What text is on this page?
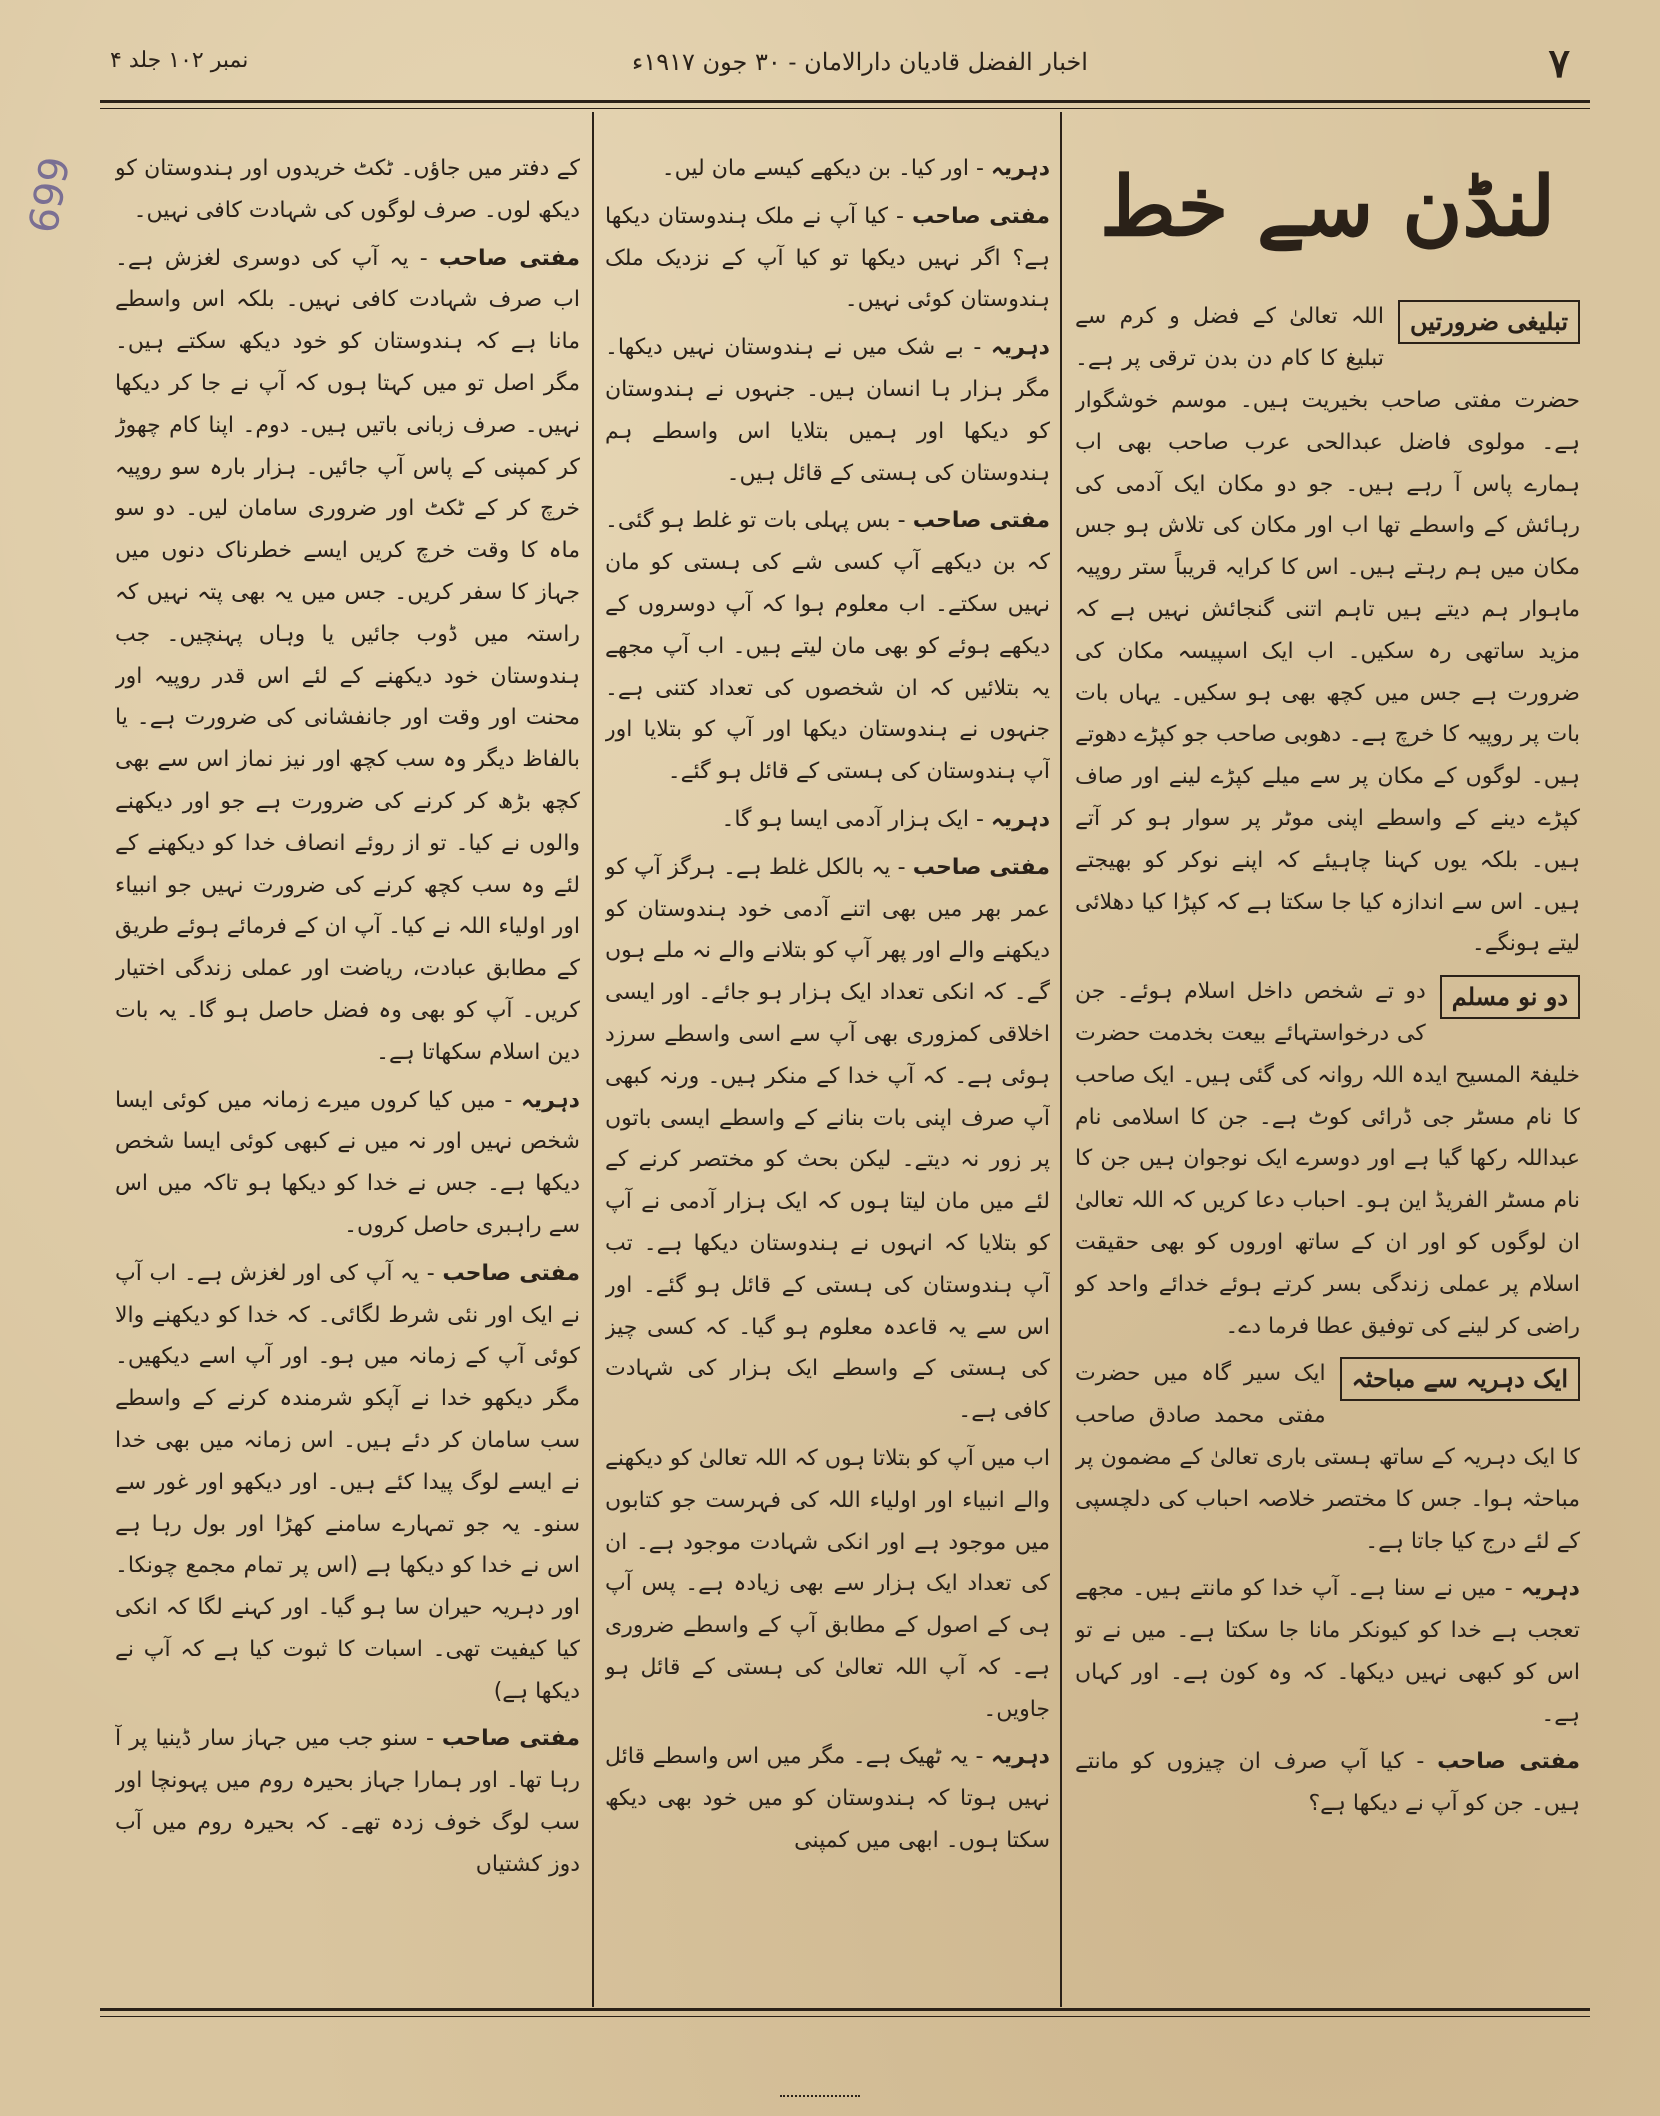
۷
اخبار الفضل قادیان دارالامان - ۳۰ جون ۱۹۱۷ء
نمبر ۱۰۲ جلد ۴
699	لنڈن سے خط

تبلیغی ضرورتیں
اللہ تعالیٰ کے فضل و کرم سے تبلیغ کا کام دن بدن ترقی پر ہے۔ حضرت مفتی صاحب بخیریت ہیں۔ موسم خوشگوار ہے۔ مولوی فاضل عبدالحی عرب صاحب بھی اب ہمارے پاس آ رہے ہیں۔ جو دو مکان ایک آدمی کی رہائش کے واسطے تھا اب اور مکان کی تلاش ہو جس مکان میں ہم رہتے ہیں۔ اس کا کرایہ قریباً ستر روپیہ ماہوار ہم دیتے ہیں تاہم اتنی گنجائش نہیں ہے کہ مزید ساتھی رہ سکیں۔ اب ایک اسپیسہ مکان کی ضرورت ہے جس میں کچھ بھی ہو سکیں۔ یہاں بات بات پر روپیہ کا خرچ ہے۔ دھوبی صاحب جو کپڑے دھوتے ہیں۔ لوگوں کے مکان پر سے میلے کپڑے لینے اور صاف کپڑے دینے کے واسطے اپنی موٹر پر سوار ہو کر آتے ہیں۔ بلکہ یوں کہنا چاہیئے کہ اپنے نوکر کو بھیجتے ہیں۔ اس سے اندازہ کیا جا سکتا ہے کہ کپڑا کیا دھلائی لیتے ہونگے۔

دو نو مسلم
دو تے شخص داخل اسلام ہوئے۔ جن کی درخواستہائے بیعت بخدمت حضرت خلیفۃ المسیح ایدہ اللہ روانہ کی گئی ہیں۔ ایک صاحب کا نام مسٹر جی ڈرائی کوٹ ہے۔ جن کا اسلامی نام عبداللہ رکھا گیا ہے اور دوسرے ایک نوجوان ہیں جن کا نام مسٹر الفریڈ این ہو۔ احباب دعا کریں کہ اللہ تعالیٰ ان لوگوں کو اور ان کے ساتھ اوروں کو بھی حقیقت اسلام پر عملی زندگی بسر کرتے ہوئے خدائے واحد کو راضی کر لینے کی توفیق عطا فرما دے۔

ایک دہریہ سے مباحثہ
ایک سیر گاہ میں حضرت مفتی محمد صادق صاحب کا ایک دہریہ کے ساتھ ہستی باری تعالیٰ کے مضمون پر مباحثہ ہوا۔ جس کا مختصر خلاصہ احباب کی دلچسپی کے لئے درج کیا جاتا ہے۔

دہریہ - میں نے سنا ہے۔ آپ خدا کو مانتے ہیں۔ مجھے تعجب ہے خدا کو کیونکر مانا جا سکتا ہے۔ میں نے تو اس کو کبھی نہیں دیکھا۔ کہ وہ کون ہے۔ اور کہاں ہے۔

مفتی صاحب - کیا آپ صرف ان چیزوں کو مانتے ہیں۔ جن کو آپ نے دیکھا ہے؟

دہریہ - اور کیا۔ بن دیکھے کیسے مان لیں۔

مفتی صاحب - کیا آپ نے ملک ہندوستان دیکھا ہے؟ اگر نہیں دیکھا تو کیا آپ کے نزدیک ملک ہندوستان کوئی نہیں۔

دہریہ - بے شک میں نے ہندوستان نہیں دیکھا۔ مگر ہزار ہا انسان ہیں۔ جنہوں نے ہندوستان کو دیکھا اور ہمیں بتلایا اس واسطے ہم ہندوستان کی ہستی کے قائل ہیں۔

مفتی صاحب - بس پہلی بات تو غلط ہو گئی۔ کہ بن دیکھے آپ کسی شے کی ہستی کو مان نہیں سکتے۔ اب معلوم ہوا کہ آپ دوسروں کے دیکھے ہوئے کو بھی مان لیتے ہیں۔ اب آپ مجھے یہ بتلائیں کہ ان شخصوں کی تعداد کتنی ہے۔ جنہوں نے ہندوستان دیکھا اور آپ کو بتلایا اور آپ ہندوستان کی ہستی کے قائل ہو گئے۔

دہریہ - ایک ہزار آدمی ایسا ہو گا۔

مفتی صاحب - یہ بالکل غلط ہے۔ ہرگز آپ کو عمر بھر میں بھی اتنے آدمی خود ہندوستان کو دیکھنے والے اور پھر آپ کو بتلانے والے نہ ملے ہوں گے۔ کہ انکی تعداد ایک ہزار ہو جائے۔ اور ایسی اخلاقی کمزوری بھی آپ سے اسی واسطے سرزد ہوئی ہے۔ کہ آپ خدا کے منکر ہیں۔ ورنہ کبھی آپ صرف اپنی بات بنانے کے واسطے ایسی باتوں پر زور نہ دیتے۔ لیکن بحث کو مختصر کرنے کے لئے میں مان لیتا ہوں کہ ایک ہزار آدمی نے آپ کو بتلایا کہ انہوں نے ہندوستان دیکھا ہے۔ تب آپ ہندوستان کی ہستی کے قائل ہو گئے۔ اور اس سے یہ قاعدہ معلوم ہو گیا۔ کہ کسی چیز کی ہستی کے واسطے ایک ہزار کی شہادت کافی ہے۔

اب میں آپ کو بتلاتا ہوں کہ اللہ تعالیٰ کو دیکھنے والے انبیاء اور اولیاء اللہ کی فہرست جو کتابوں میں موجود ہے اور انکی شہادت موجود ہے۔ ان کی تعداد ایک ہزار سے بھی زیادہ ہے۔ پس آپ ہی کے اصول کے مطابق آپ کے واسطے ضروری ہے۔ کہ آپ اللہ تعالیٰ کی ہستی کے قائل ہو جاویں۔

دہریہ - یہ ٹھیک ہے۔ مگر میں اس واسطے قائل نہیں ہوتا کہ ہندوستان کو میں خود بھی دیکھ سکتا ہوں۔ ابھی میں کمپنی

کے دفتر میں جاؤں۔ ٹکٹ خریدوں اور ہندوستان کو دیکھ لوں۔ صرف لوگوں کی شہادت کافی نہیں۔

مفتی صاحب - یہ آپ کی دوسری لغزش ہے۔ اب صرف شہادت کافی نہیں۔ بلکہ اس واسطے مانا ہے کہ ہندوستان کو خود دیکھ سکتے ہیں۔ مگر اصل تو میں کہتا ہوں کہ آپ نے جا کر دیکھا نہیں۔ صرف زبانی باتیں ہیں۔ دوم۔ اپنا کام چھوڑ کر کمپنی کے پاس آپ جائیں۔ ہزار بارہ سو روپیہ خرچ کر کے ٹکٹ اور ضروری سامان لیں۔ دو سو ماہ کا وقت خرچ کریں ایسے خطرناک دنوں میں جہاز کا سفر کریں۔ جس میں یہ بھی پتہ نہیں کہ راستہ میں ڈوب جائیں یا وہاں پہنچیں۔ جب ہندوستان خود دیکھنے کے لئے اس قدر روپیہ اور محنت اور وقت اور جانفشانی کی ضرورت ہے۔ یا بالفاظ دیگر وہ سب کچھ اور نیز نماز اس سے بھی کچھ بڑھ کر کرنے کی ضرورت ہے جو اور دیکھنے والوں نے کیا۔ تو از روئے انصاف خدا کو دیکھنے کے لئے وہ سب کچھ کرنے کی ضرورت نہیں جو انبیاء اور اولیاء اللہ نے کیا۔ آپ ان کے فرمائے ہوئے طریق کے مطابق عبادت، ریاضت اور عملی زندگی اختیار کریں۔ آپ کو بھی وہ فضل حاصل ہو گا۔ یہ بات دین اسلام سکھاتا ہے۔

دہریہ - میں کیا کروں میرے زمانہ میں کوئی ایسا شخص نہیں اور نہ میں نے کبھی کوئی ایسا شخص دیکھا ہے۔ جس نے خدا کو دیکھا ہو تاکہ میں اس سے راہبری حاصل کروں۔

مفتی صاحب - یہ آپ کی اور لغزش ہے۔ اب آپ نے ایک اور نئی شرط لگائی۔ کہ خدا کو دیکھنے والا کوئی آپ کے زمانہ میں ہو۔ اور آپ اسے دیکھیں۔ مگر دیکھو خدا نے آپکو شرمندہ کرنے کے واسطے سب سامان کر دئے ہیں۔ اس زمانہ میں بھی خدا نے ایسے لوگ پیدا کئے ہیں۔ اور دیکھو اور غور سے سنو۔ یہ جو تمہارے سامنے کھڑا اور بول رہا ہے اس نے خدا کو دیکھا ہے (اس پر تمام مجمع چونکا۔ اور دہریہ حیران سا ہو گیا۔ اور کہنے لگا کہ انکی کیا کیفیت تھی۔ اسبات کا ثبوت کیا ہے کہ آپ نے دیکھا ہے)

مفتی صاحب - سنو جب میں جہاز سار ڈینیا پر آ رہا تھا۔ اور ہمارا جہاز بحیرہ روم میں پہونچا اور سب لوگ خوف زدہ تھے۔ کہ بحیرہ روم میں آب دوز کشتیاں
